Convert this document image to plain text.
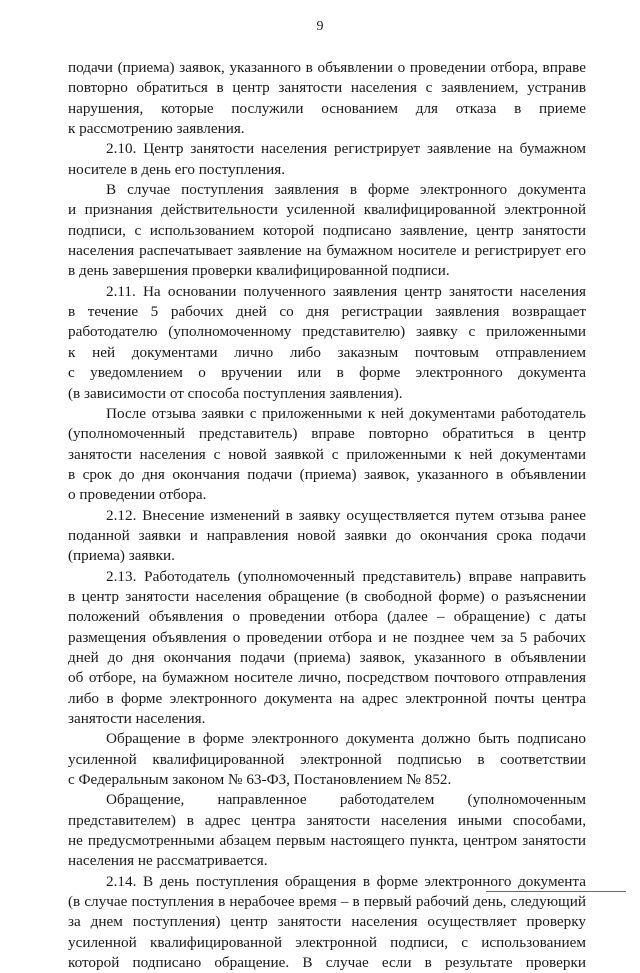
9
подачи (приема) заявок, указанного в объявлении о проведении отбора, вправе
повторно обратиться в центр занятости населения с заявлением, устранив
нарушения, которые послужили основанием для отказа в приеме
к рассмотрению заявления.
2.10. Центр занятости населения регистрирует заявление на бумажном
носителе в день его поступления.
В случае поступления заявления в форме электронного документа
и признания действительности усиленной квалифицированной электронной
подписи, с использованием которой подписано заявление, центр занятости
населения распечатывает заявление на бумажном носителе и регистрирует его
в день завершения проверки квалифицированной подписи.
2.11. На основании полученного заявления центр занятости населения
в течение 5 рабочих дней со дня регистрации заявления возвращает
работодателю (уполномоченному представителю) заявку с приложенными
к ней документами лично либо заказным почтовым отправлением
с уведомлением о вручении или в форме электронного документа
(в зависимости от способа поступления заявления).
После отзыва заявки с приложенными к ней документами работодатель
(уполномоченный представитель) вправе повторно обратиться в центр
занятости населения с новой заявкой с приложенными к ней документами
в срок до дня окончания подачи (приема) заявок, указанного в объявлении
о проведении отбора.
2.12. Внесение изменений в заявку осуществляется путем отзыва ранее
поданной заявки и направления новой заявки до окончания срока подачи
(приема) заявки.
2.13. Работодатель (уполномоченный представитель) вправе направить
в центр занятости населения обращение (в свободной форме) о разъяснении
положений объявления о проведении отбора (далее – обращение) с даты
размещения объявления о проведении отбора и не позднее чем за 5 рабочих
дней до дня окончания подачи (приема) заявок, указанного в объявлении
об отборе, на бумажном носителе лично, посредством почтового отправления
либо в форме электронного документа на адрес электронной почты центра
занятости населения.
Обращение в форме электронного документа должно быть подписано
усиленной квалифицированной электронной подписью в соответствии
с Федеральным законом № 63-ФЗ, Постановлением № 852.
Обращение, направленное работодателем (уполномоченным
представителем) в адрес центра занятости населения иными способами,
не предусмотренными абзацем первым настоящего пункта, центром занятости
населения не рассматривается.
2.14. В день поступления обращения в форме электронного документа
(в случае поступления в нерабочее время – в первый рабочий день, следующий
за днем поступления) центр занятости населения осуществляет проверку
усиленной квалифицированной электронной подписи, с использованием
которой подписано обращение. В случае если в результате проверки
